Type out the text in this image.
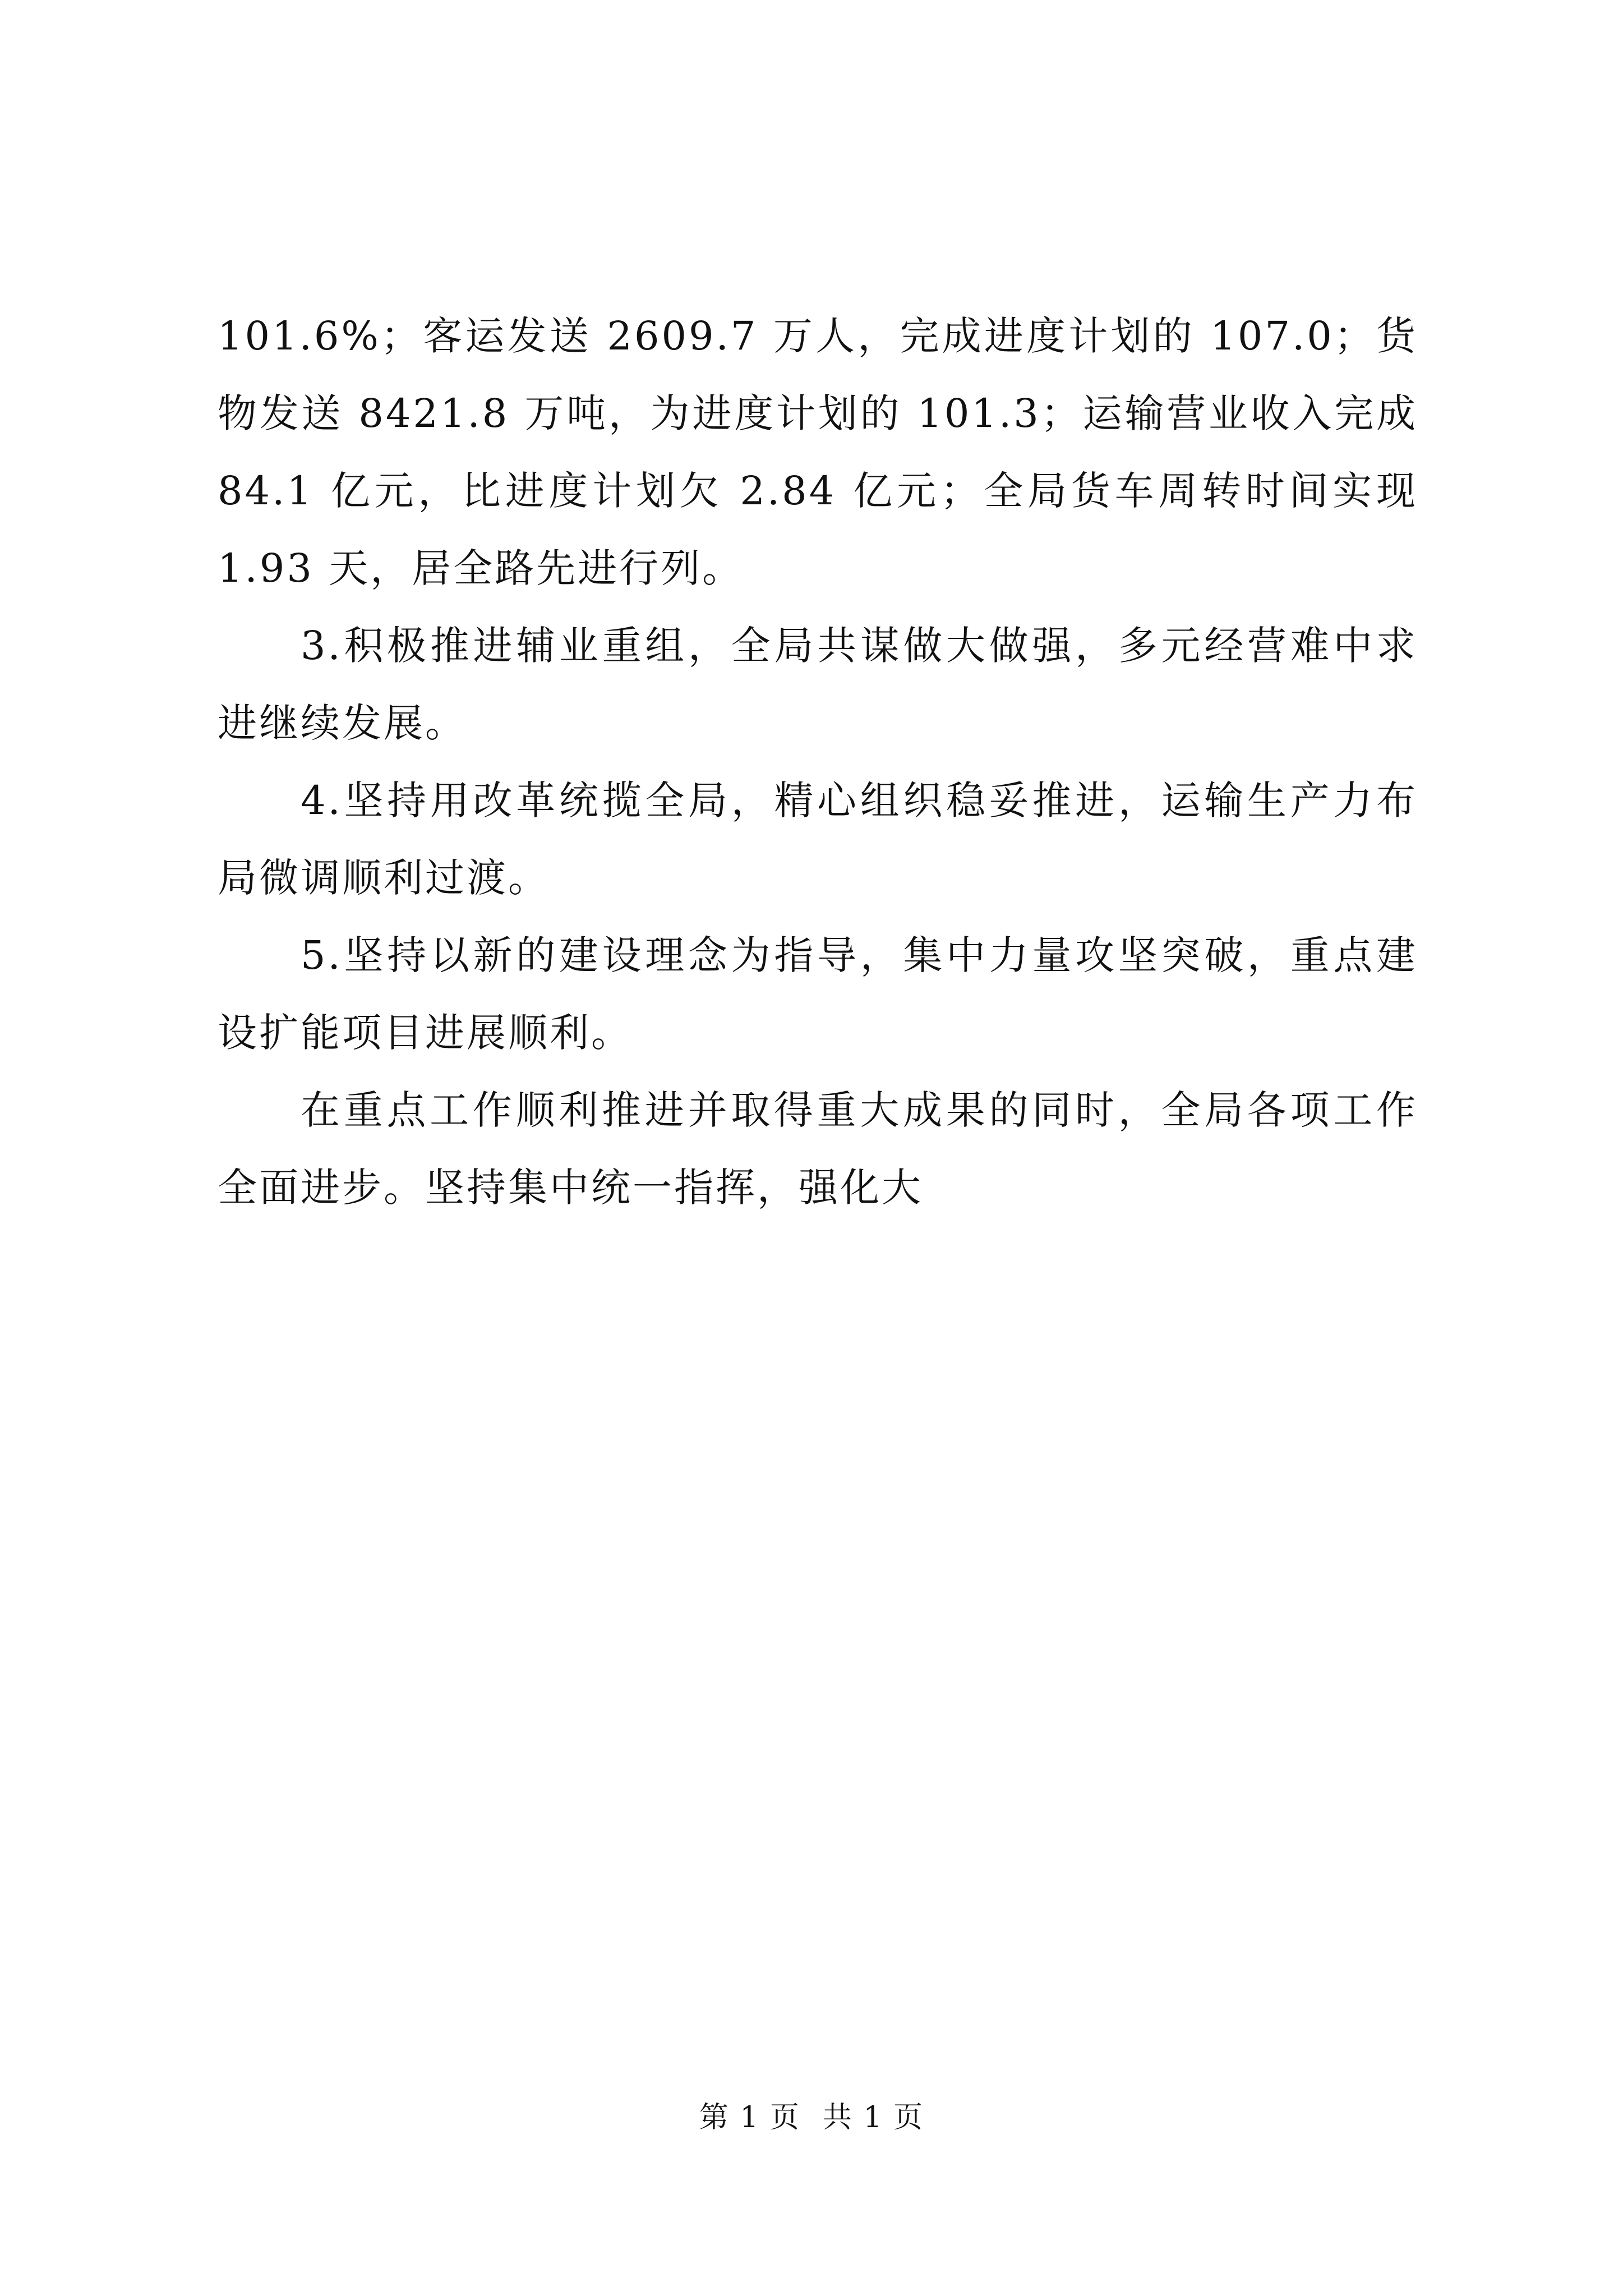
101.6%；客运发送 2609.7 万人，完成进度计划的 107.0；货物发送 8421.8 万吨，为进度计划的 101.3；运输营业收入完成 84.1 亿元，比进度计划欠 2.84 亿元；全局货车周转时间实现 1.93 天，居全路先进行列。

3.积极推进辅业重组，全局共谋做大做强，多元经营难中求进继续发展。

4.坚持用改革统揽全局，精心组织稳妥推进，运输生产力布局微调顺利过渡。

5.坚持以新的建设理念为指导，集中力量攻坚突破，重点建设扩能项目进展顺利。

在重点工作顺利推进并取得重大成果的同时，全局各项工作全面进步。坚持集中统一指挥，强化大

第 1 页 共 1 页
